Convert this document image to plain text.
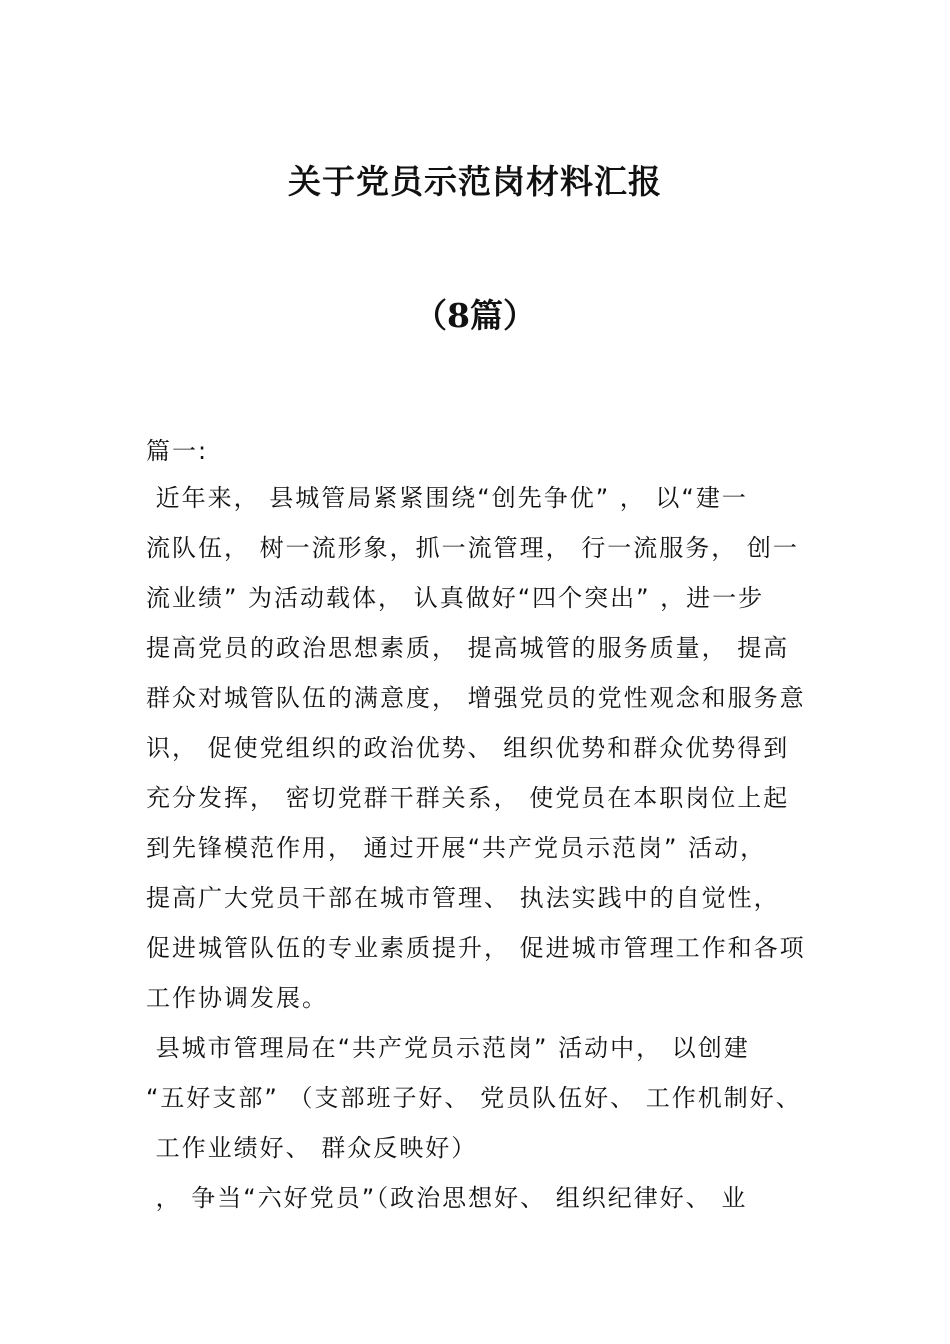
关于党员示范岗材料汇报
（8篇）

篇一:

近年来， 县城管局紧紧围绕“创先争优” ， 以“建一

流队伍， 树一流形象，抓一流管理， 行一流服务， 创一

流业绩” 为活动载体， 认真做好“四个突出” ，进一步

提高党员的政治思想素质， 提高城管的服务质量， 提高

群众对城管队伍的满意度， 增强党员的党性观念和服务意

识， 促使党组织的政治优势、 组织优势和群众优势得到

充分发挥， 密切党群干群关系， 使党员在本职岗位上起

到先锋模范作用， 通过开展“共产党员示范岗” 活动，

提高广大党员干部在城市管理、 执法实践中的自觉性，

促进城管队伍的专业素质提升， 促进城市管理工作和各项

工作协调发展。

县城市管理局在“共产党员示范岗” 活动中， 以创建

“五好支部” （支部班子好、 党员队伍好、 工作机制好、

工作业绩好、 群众反映好）

， 争当“六好党员”（政治思想好、 组织纪律好、 业
